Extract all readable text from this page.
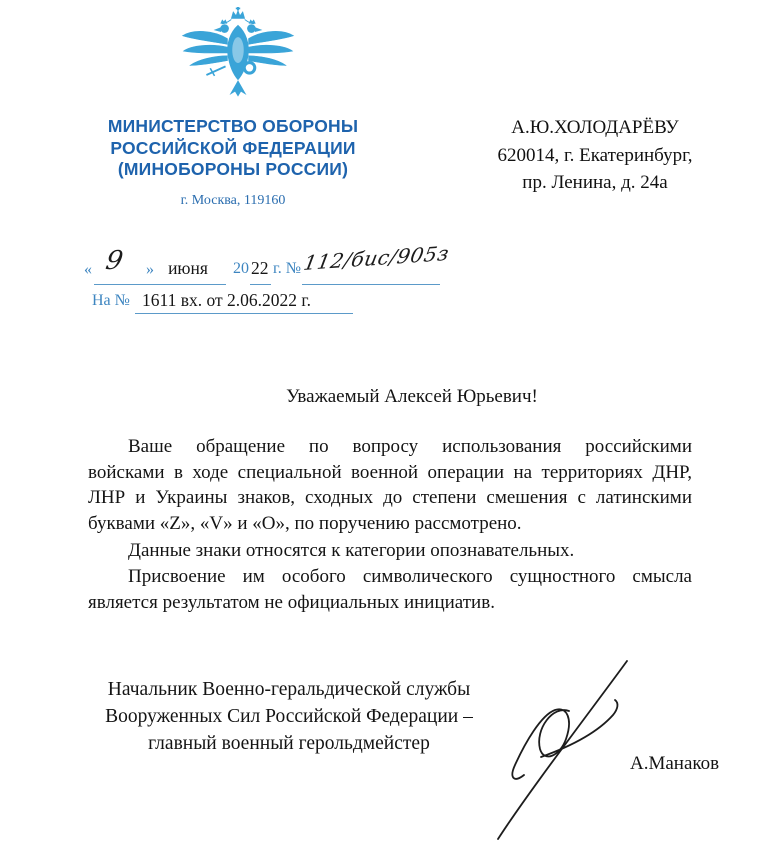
МИНИСТЕРСТВО ОБОРОНЫ
РОССИЙСКОЙ ФЕДЕРАЦИИ
(МИНОБОРОНЫ РОССИИ)
г. Москва, 119160
А.Ю.ХОЛОДАРЁВУ
620014, г. Екатеринбург,
пр. Ленина, д. 24а
« 9 » июня	20 22 г. № 112/бис/905з
На № 1611 вх. от 2.06.2022 г.
Уважаемый Алексей Юрьевич!
Ваше обращение по вопросу использования российскими
войсками в ходе специальной военной операции на территориях ДНР,
ЛНР и Украины знаков, сходных до степени смешения с латинскими
буквами «Z», «V» и «О», по поручению рассмотрено.
Данные знаки относятся к категории опознавательных.
Присвоение им особого символического сущностного смысла
является результатом не официальных инициатив.
Начальник Военно-геральдической службы
Вооруженных Сил Российской Федерации –
главный военный герольдмейстер
А.Манаков
